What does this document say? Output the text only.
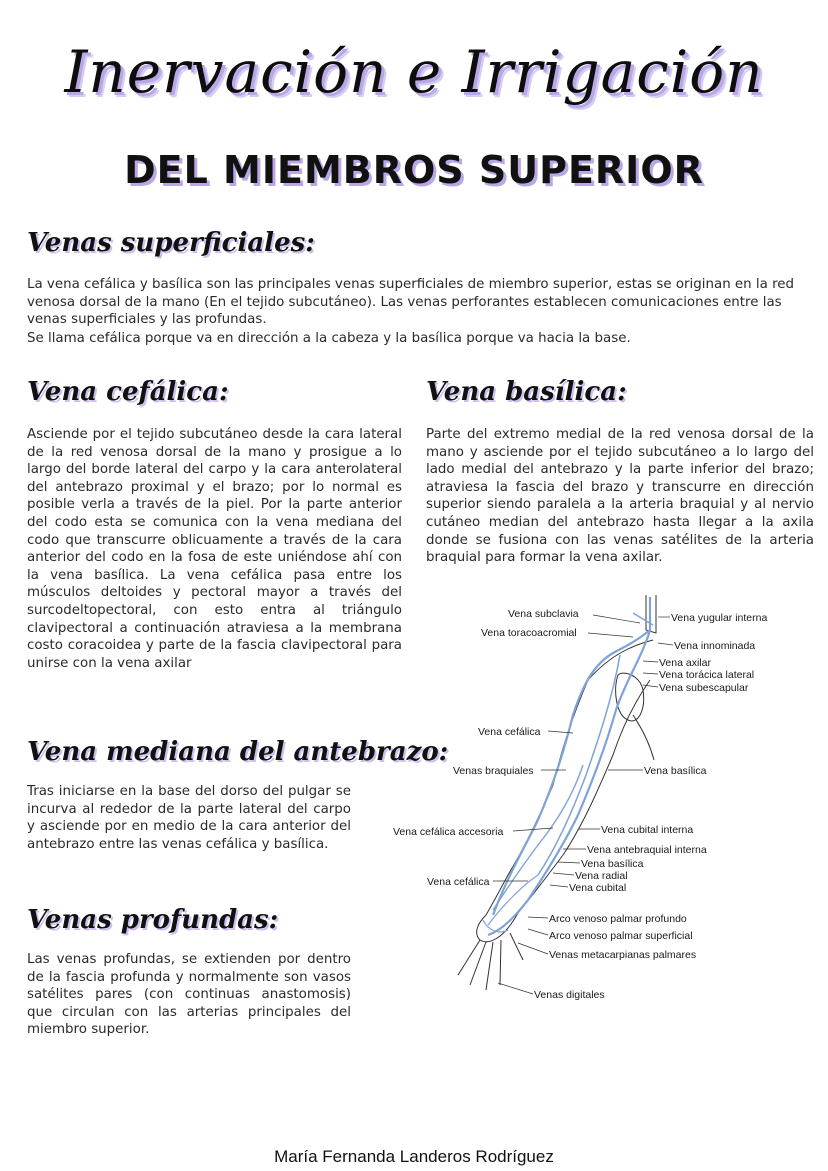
Inervación e Irrigación
DEL MIEMBROS SUPERIOR
Venas superficiales:
La vena cefálica y basílica son las principales venas superficiales de miembro superior, estas se originan en la red venosa dorsal de la mano (En el tejido subcutáneo). Las venas perforantes establecen comunicaciones entre las venas superficiales y las profundas.
Se llama cefálica porque va en dirección a la cabeza y la basílica porque va hacia la base.
Vena cefálica:
Asciende por el tejido subcutáneo desde la cara lateral de la red venosa dorsal de la mano y prosigue a lo largo del borde lateral del carpo y la cara anterolateral del antebrazo proximal y el brazo; por lo normal es posible verla a través de la piel. Por la parte anterior del codo esta se comunica con la vena mediana del codo que transcurre oblicuamente a través de la cara anterior del codo en la fosa de este uniéndose ahí con la vena basílica. La vena cefálica pasa entre los músculos deltoides y pectoral mayor a través del surcodeltopectoral, con esto entra al triángulo clavipectoral a continuación atraviesa a la membrana costo coracoidea y parte de la fascia clavipectoral para unirse con la vena axilar
Vena basílica:
Parte del extremo medial de la red venosa dorsal de la mano y asciende por el tejido subcutáneo a lo largo del lado medial del antebrazo y la parte inferior del brazo; atraviesa la fascia del brazo y transcurre en dirección superior siendo paralela a la arteria braquial y al nervio cutáneo median del antebrazo hasta llegar a la axila donde se fusiona con las venas satélites de la arteria braquial para formar la vena axilar.
Vena mediana del antebrazo:
Tras iniciarse en la base del dorso del pulgar se incurva al rededor de la parte lateral del carpo y asciende por en medio de la cara anterior del antebrazo entre las venas cefálica y basílica.
Venas profundas:
Las venas profundas, se extienden por dentro de la fascia profunda y normalmente son vasos satélites pares (con continuas anastomosis) que circulan con las arterias principales del miembro superior.
Vena subclavia	Vena yugular interna
Vena toracoacromial
Vena innominada
Vena axilar
Vena torácica lateral
Vena subescapular
Vena cefálica
Venas braquiales	Vena basílica
Vena cefálica accesoria	Vena cubital interna
Vena antebraquial interna
Vena basílica
Vena radial
Vena cefálica	Vena cubital
Arco venoso palmar profundo
Arco venoso palmar superficial
Venas metacarpianas palmares
Venas digitales
María Fernanda Landeros Rodríguez
